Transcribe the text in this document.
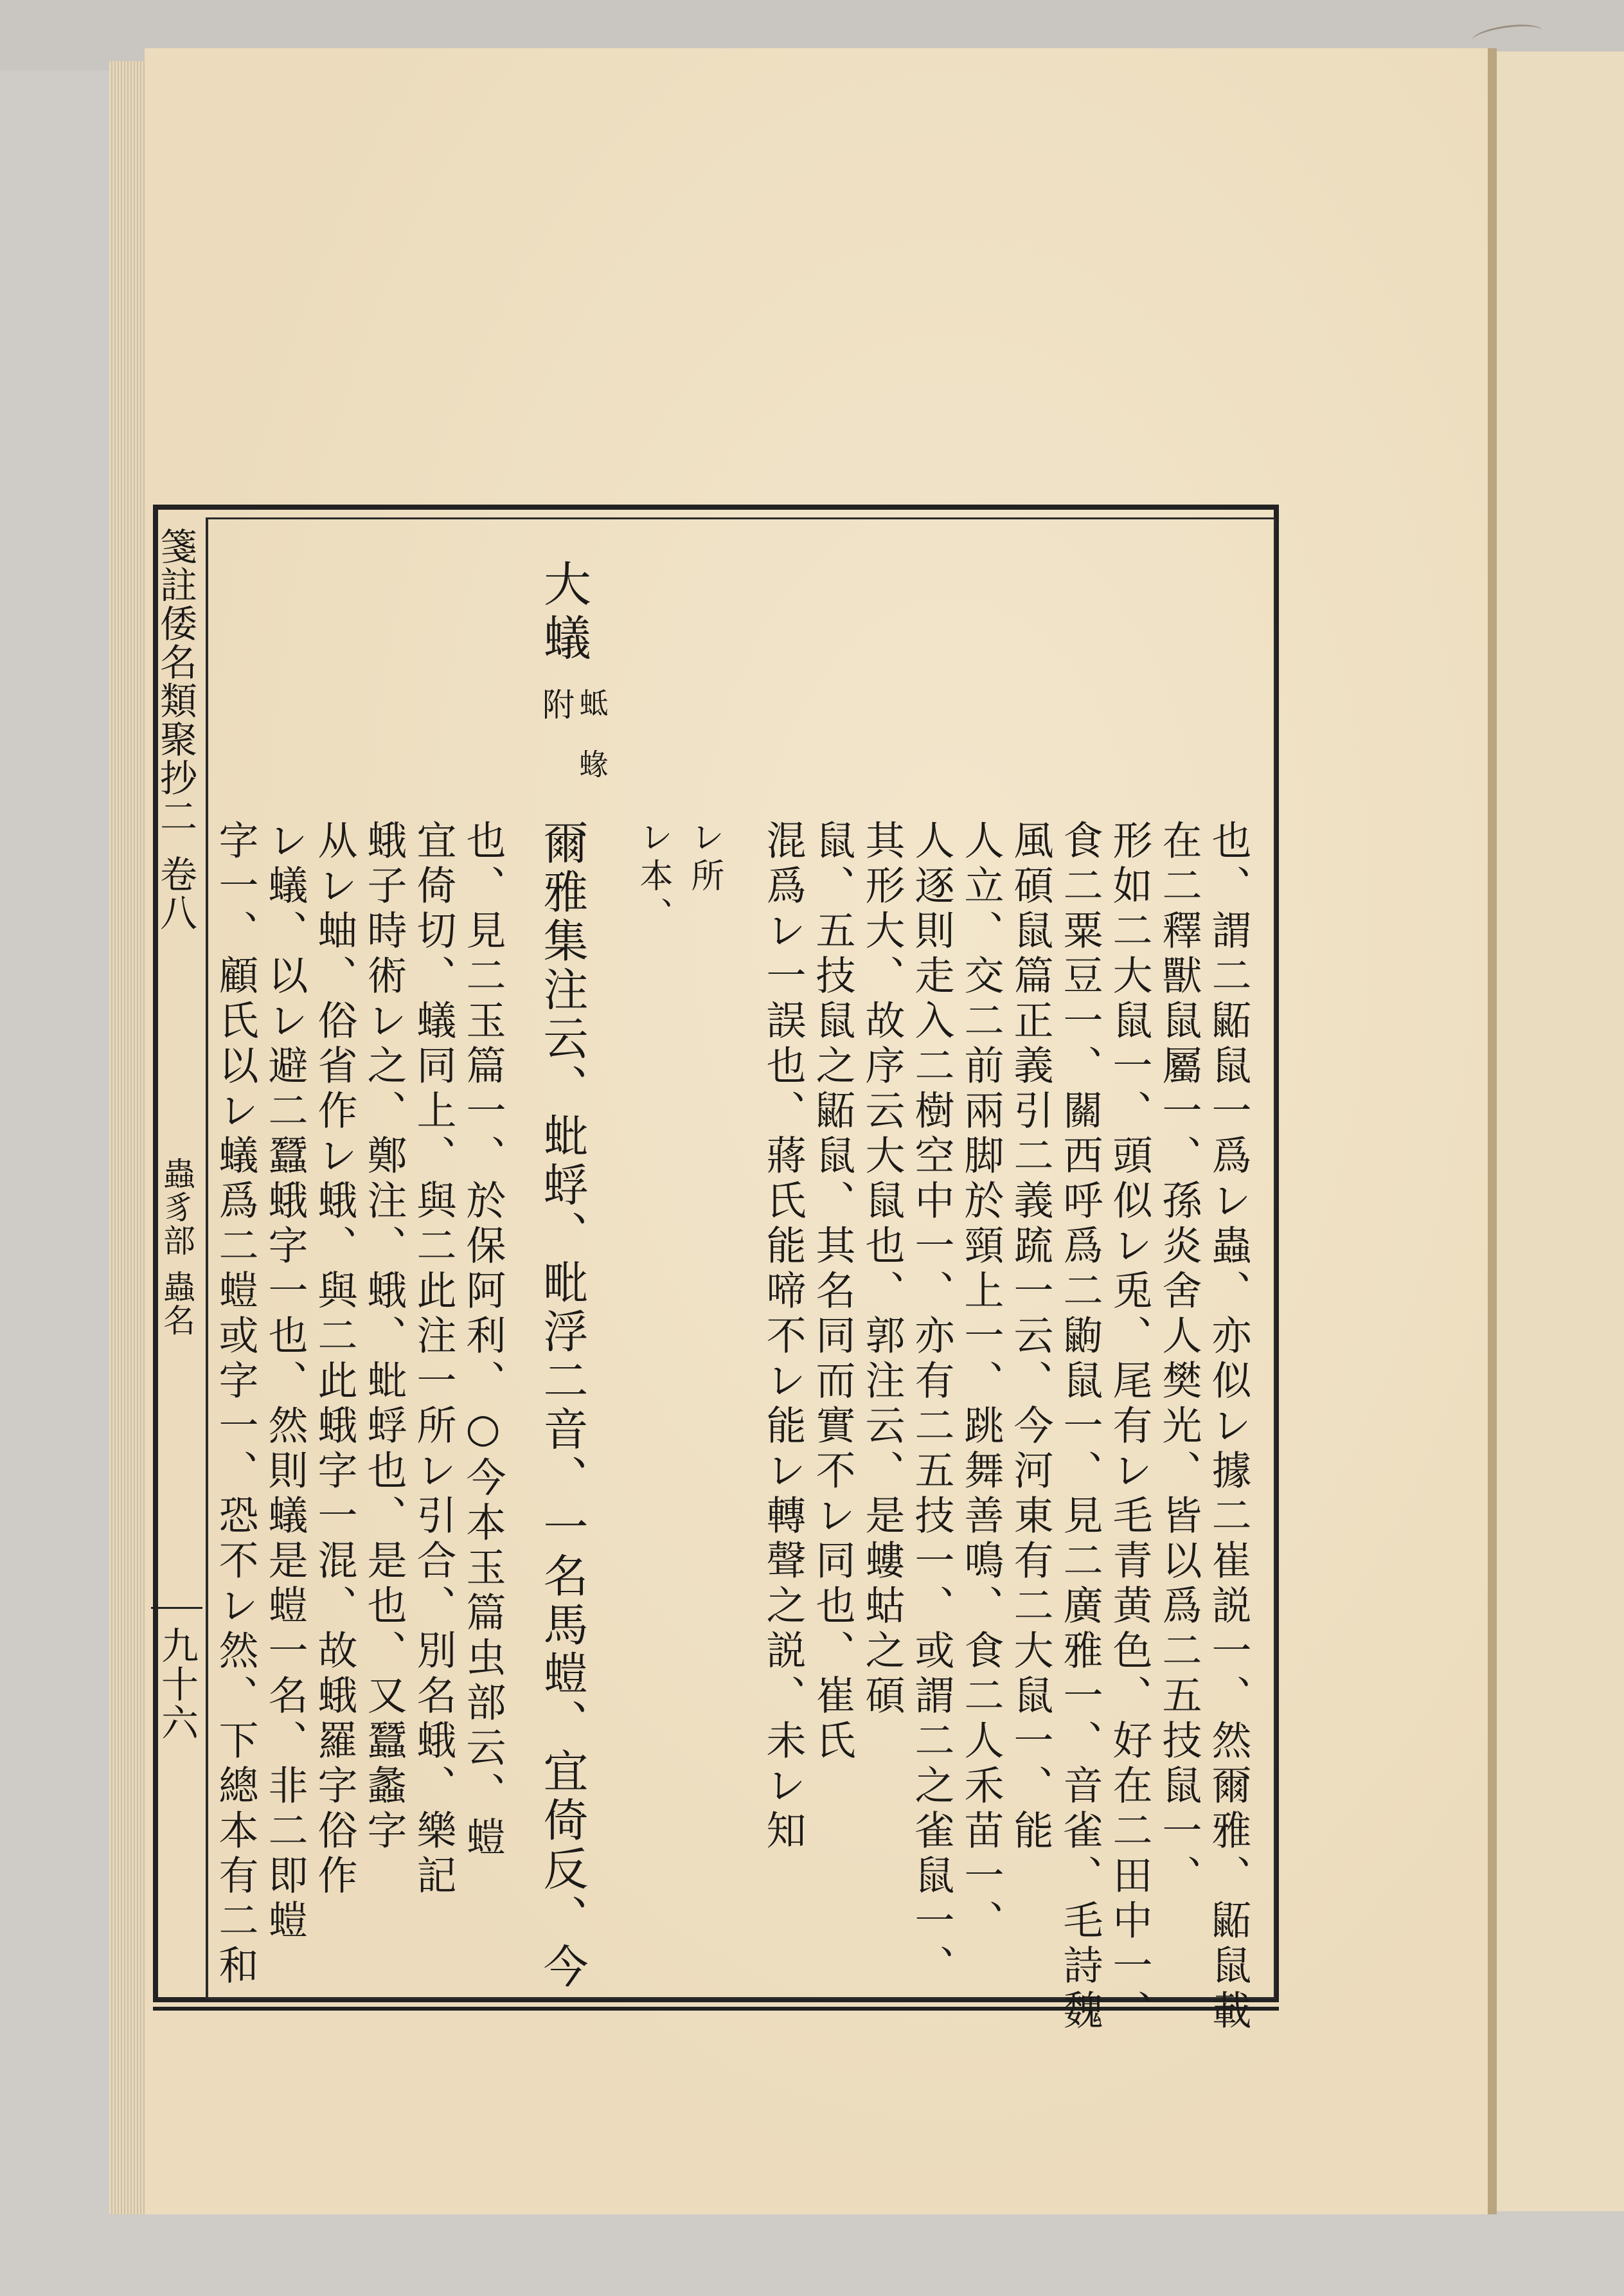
箋註倭名類聚抄二卷八

蟲豸部蟲名

九十六

大蟻

附 蚳

蝝

也、謂二鼫鼠一爲レ蟲、亦似レ據二崔説一、然爾雅、鼫鼠載

在二釋獸鼠屬一、孫炎舍人樊光、皆以爲二五技鼠一、

形如二大鼠一、頭似レ兎、尾有レ毛青黄色、好在二田中一、

食二粟豆一、關西呼爲二鼩鼠一、見二廣雅一、音雀、毛詩魏

風碩鼠篇正義引二義䟽一云、今河東有二大鼠一、能

人立、交二前兩脚於頸上一、跳舞善鳴、食二人禾苗一、

人逐則走入二樹空中一、亦有二五技一、或謂二之雀鼠一、

其形大、故序云大鼠也、郭注云、是螻蛄之碩

鼠、五技鼠之鼫鼠、其名同而實不レ同也、崔氏

混爲レ一誤也、蔣氏能啼不レ能レ轉聲之説、未レ知

レ所

レ本、

爾雅集注云、蚍蜉、毗浮二音、一名馬螘、宜倚反、今

也、見二玉篇一、於保阿利、○今本玉篇虫部云、螘

宜倚切、蟻同上、與二此注一所レ引合、別名蛾、樂記

蛾子時術レ之、鄭注、蛾、蚍蜉也、是也、又蠶蠡字

从レ蚰、俗省作レ蛾、與二此蛾字一混、故蛾羅字俗作

レ蟻、以レ避二蠶蛾字一也、然則蟻是螘一名、非二即螘

字一、顧氏以レ蟻爲二螘或字一、恐不レ然、下總本有二和
